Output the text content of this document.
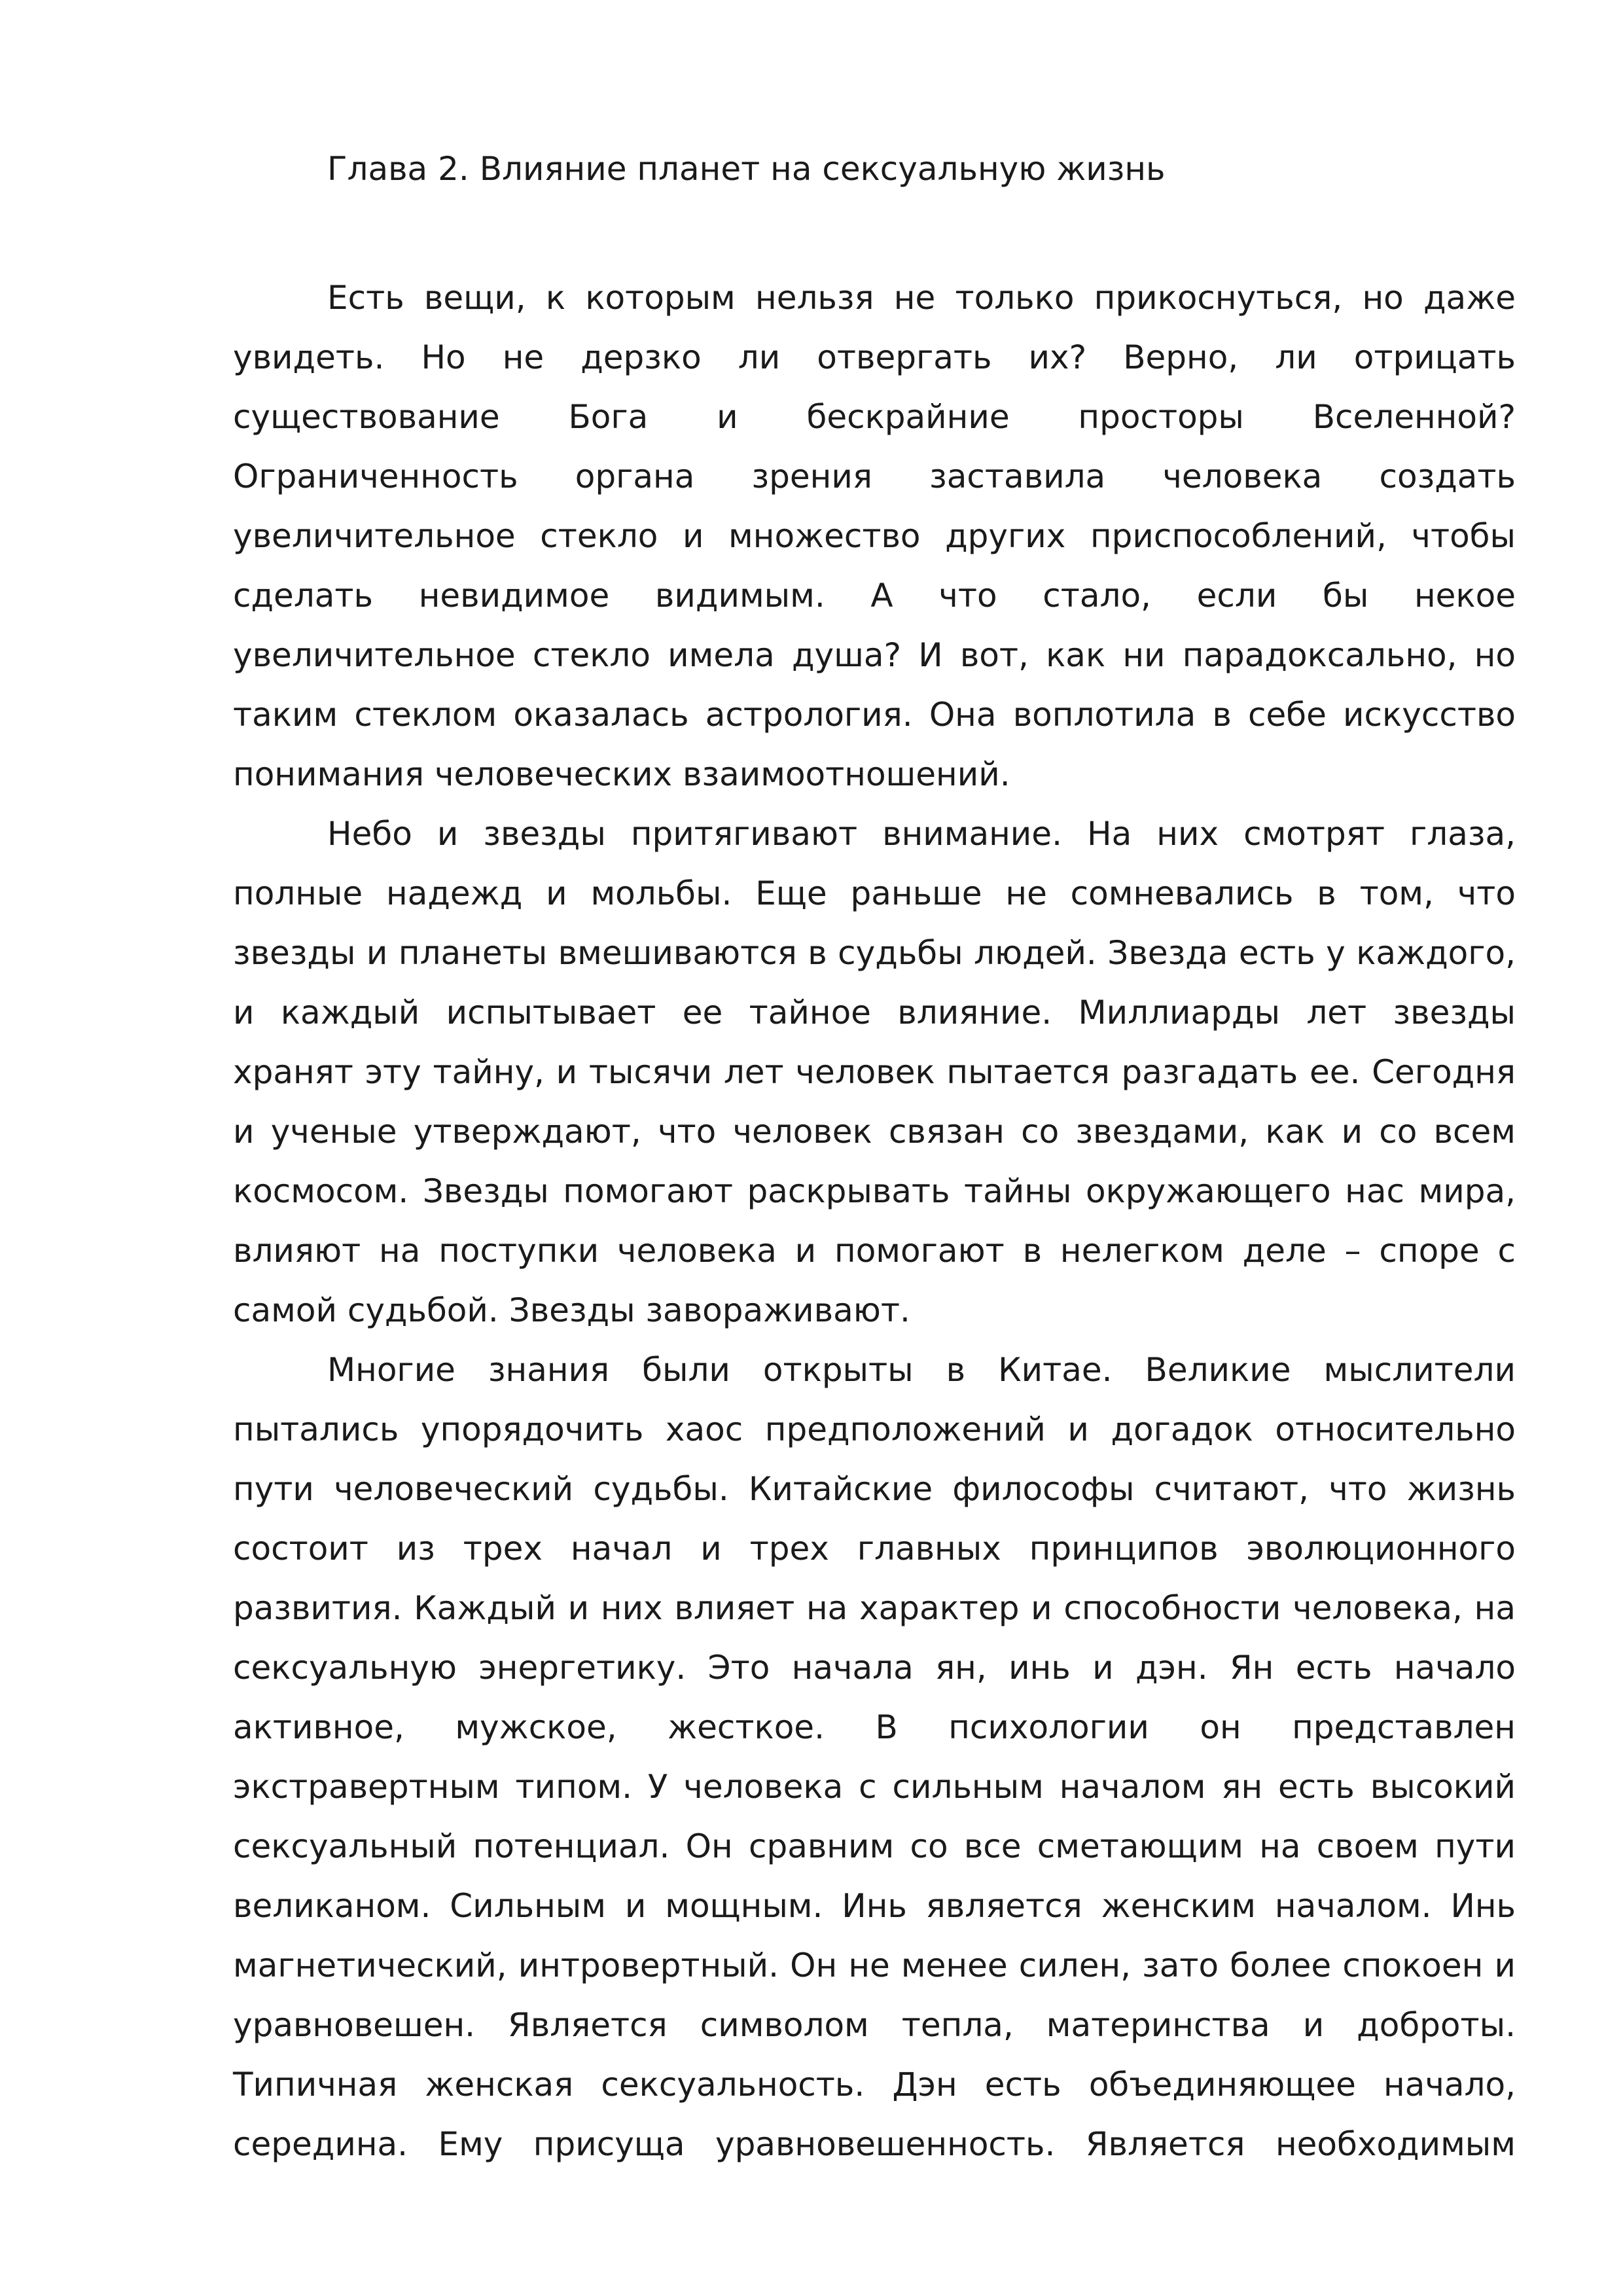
Глава 2. Влияние планет на сексуальную жизнь

Есть вещи, к которым нельзя не только прикоснуться, но даже увидеть. Но не дерзко ли отвергать их? Верно, ли отрицать существование Бога и бескрайние просторы Вселенной? Ограниченность органа зрения заставила человека создать увеличительное стекло и множество других приспособлений, чтобы сделать невидимое видимым. А что стало, если бы некое увеличительное стекло имела душа? И вот, как ни парадоксально, но таким стеклом оказалась астрология. Она воплотила в себе искусство понимания человеческих взаимоотношений.

Небо и звезды притягивают внимание. На них смотрят глаза, полные надежд и мольбы. Еще раньше не сомневались в том, что звезды и планеты вмешиваются в судьбы людей. Звезда есть у каждого, и каждый испытывает ее тайное влияние. Миллиарды лет звезды хранят эту тайну, и тысячи лет человек пытается разгадать ее. Сегодня и ученые утверждают, что человек связан со звездами, как и со всем космосом. Звезды помогают раскрывать тайны окружающего нас мира, влияют на поступки человека и помогают в нелегком деле – споре с самой судьбой. Звезды завораживают.

Многие знания были открыты в Китае. Великие мыслители пытались упорядочить хаос предположений и догадок относительно пути человеческий судьбы. Китайские философы считают, что жизнь состоит из трех начал и трех главных принципов эволюционного развития. Каждый и них влияет на характер и способности человека, на сексуальную энергетику. Это начала ян, инь и дэн. Ян есть начало активное, мужское, жесткое. В психологии он представлен экстравертным типом. У человека с сильным началом ян есть высокий сексуальный потенциал. Он сравним со все сметающим на своем пути великаном. Сильным и мощным. Инь является женским началом. Инь магнетический, интровертный. Он не менее силен, зато более спокоен и уравновешен. Является символом тепла, материнства и доброты. Типичная женская сексуальность. Дэн есть объединяющее начало, середина. Ему присуща уравновешенность. Является необходимым
